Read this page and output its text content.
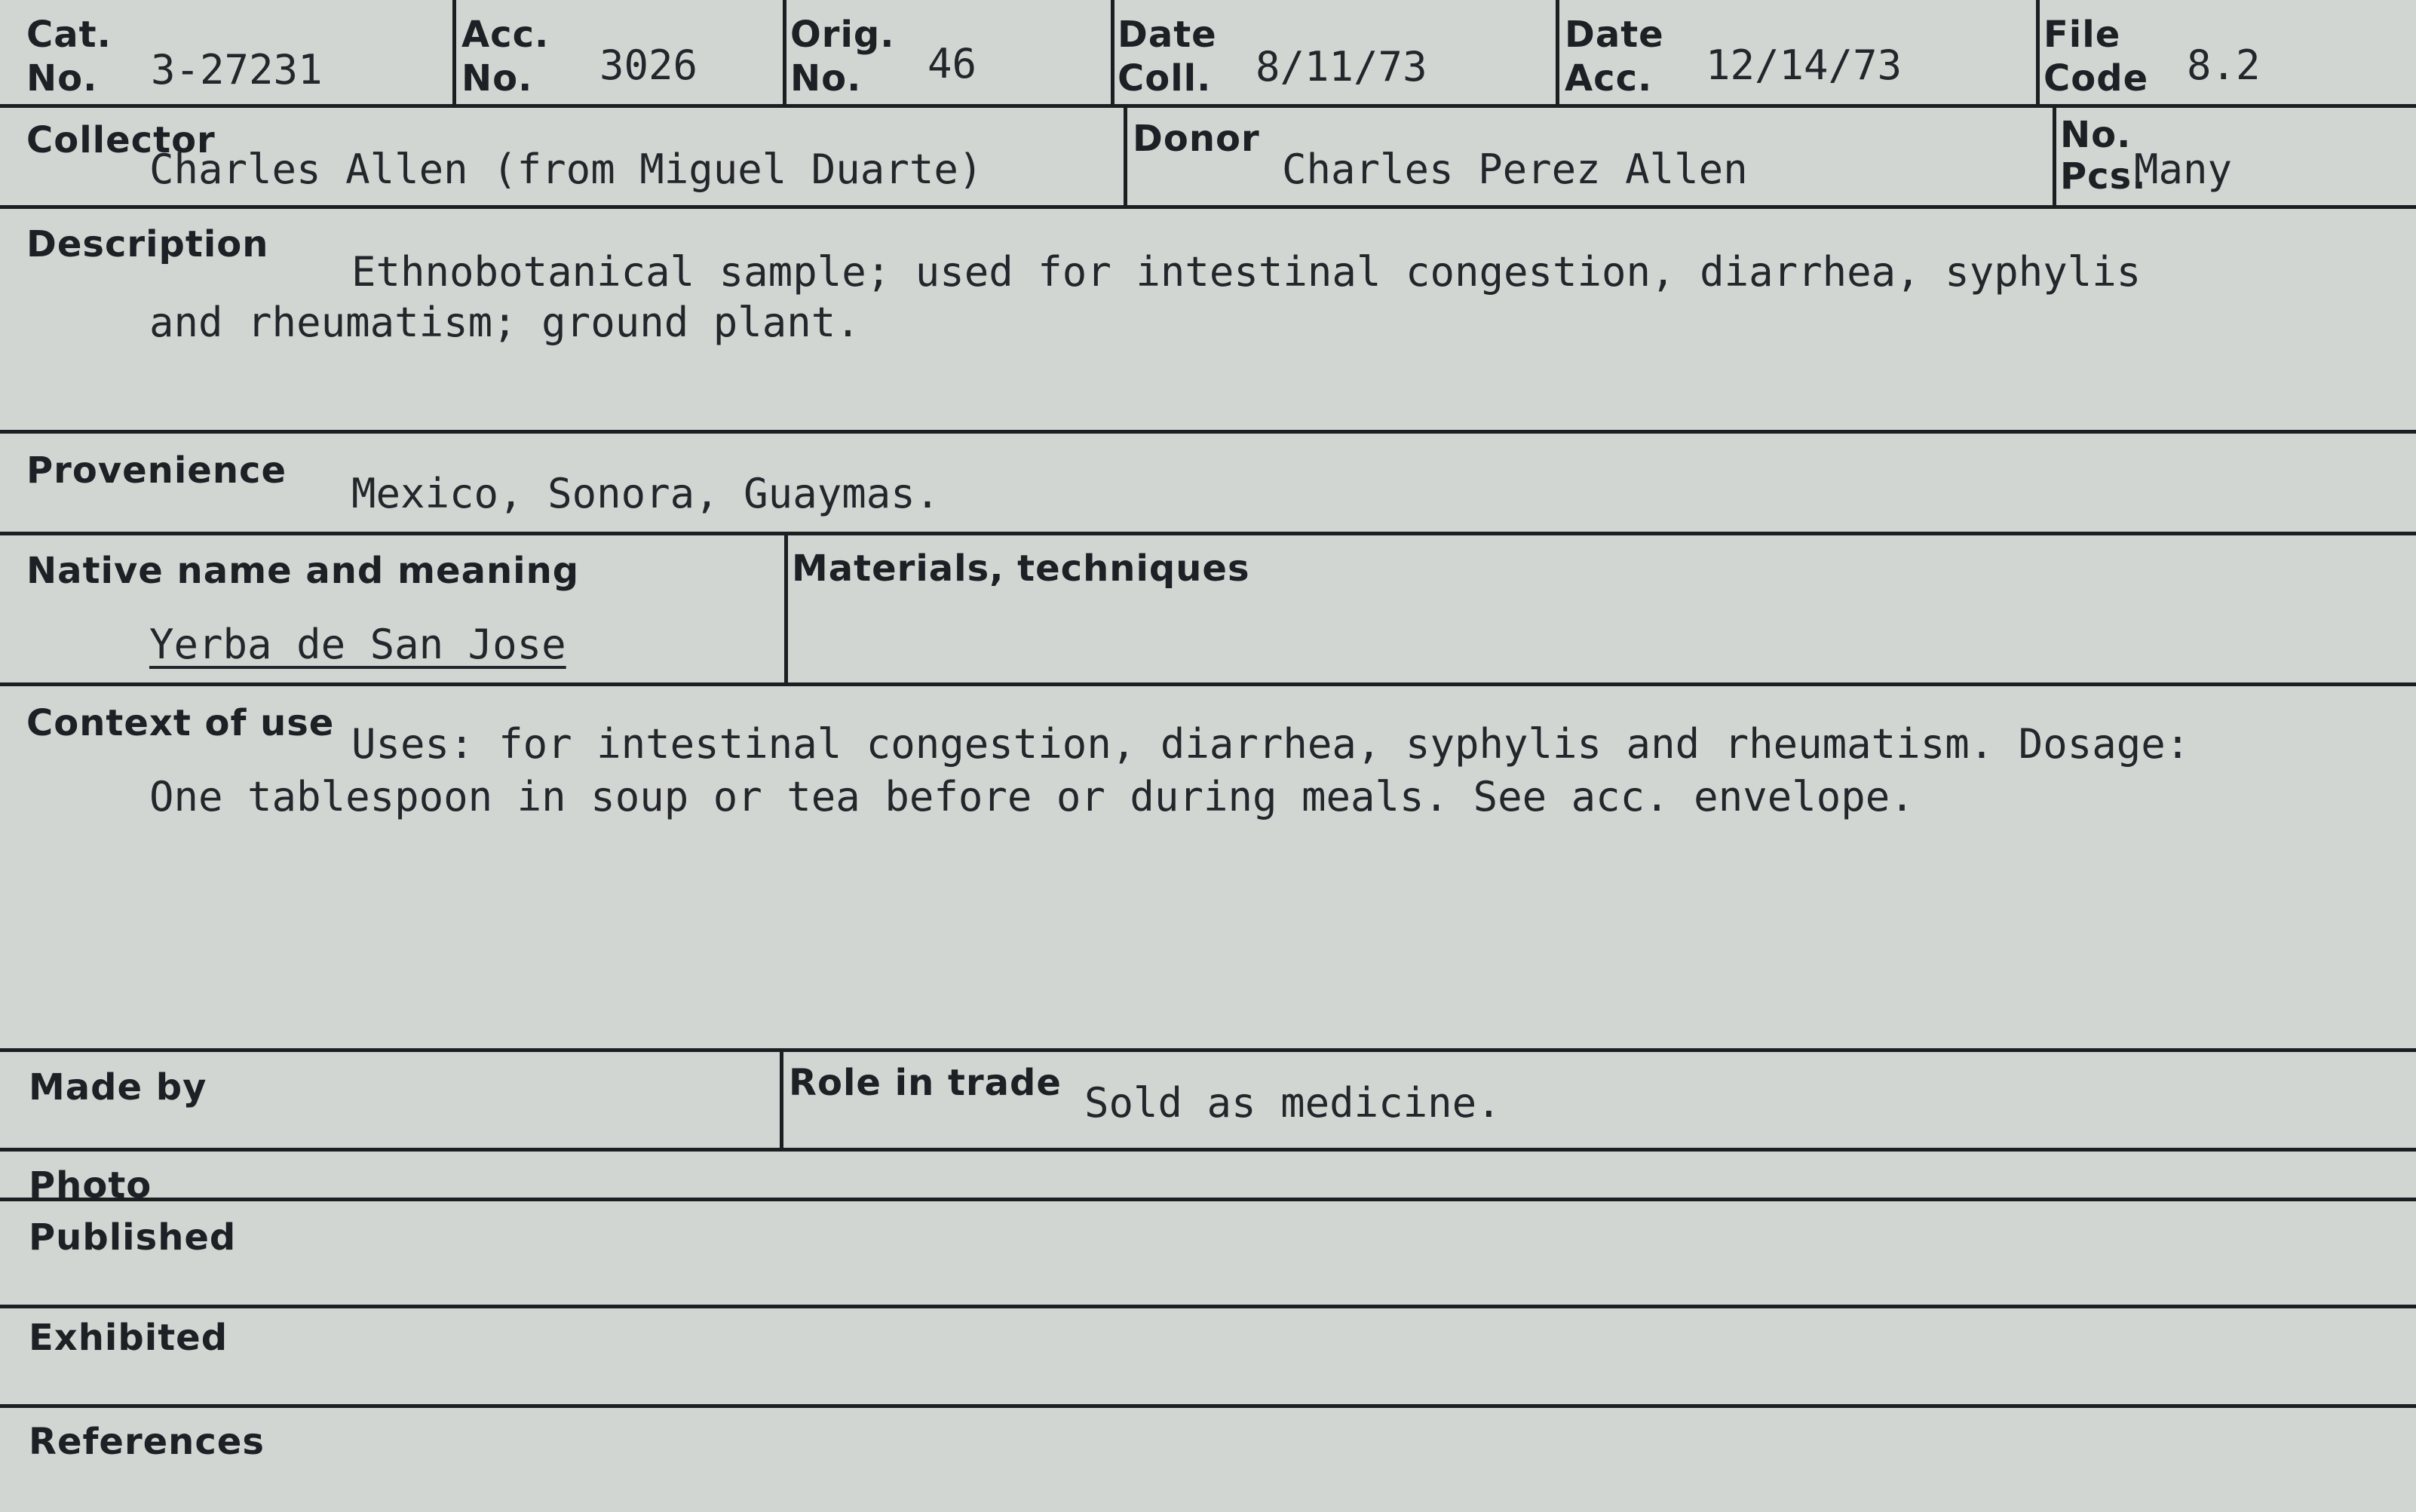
Cat.
No. 3-27231
Acc.
No. 3026
Orig.
No. 46
Date
Coll. 8/11/73
Date
Acc. 12/14/73
File
Code 8.2
Collector
Charles Allen (from Miguel Duarte)
Donor
Charles Perez Allen
No.
Pcs.
Many
Description
Ethnobotanical sample; used for intestinal congestion, diarrhea, syphylis
and rheumatism; ground plant.
Provenience Mexico, Sonora, Guaymas.
Native name and meaning
Yerba de San Jose
Materials, techniques
Context of use Uses: for intestinal congestion, diarrhea, syphylis and rheumatism. Dosage:
One tablespoon in soup or tea before or during meals. See acc. envelope.
Made by	Role in trade Sold as medicine.
Photo
Published
Exhibited
References
